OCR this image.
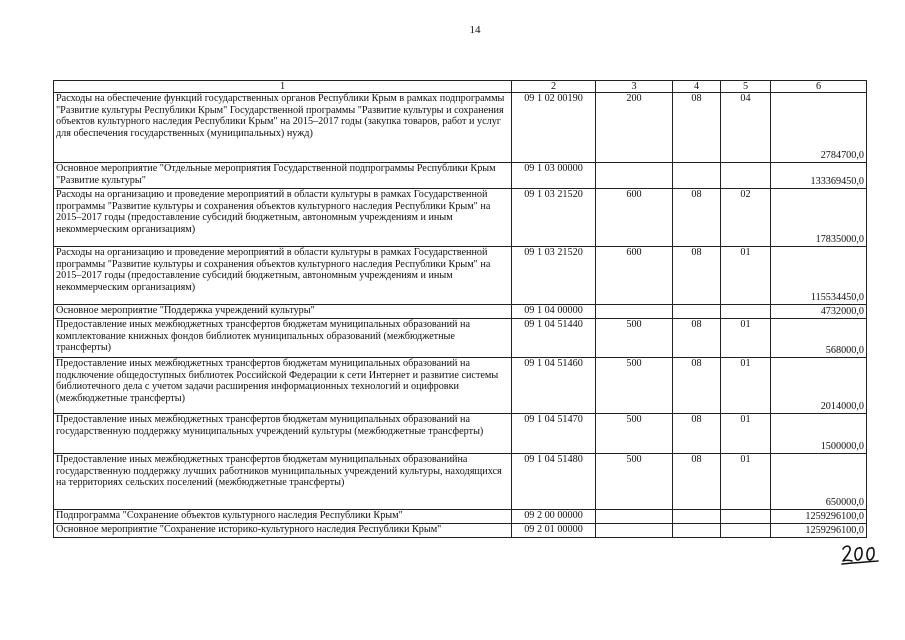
14
1	2	3	4	5	6
Расходы на обеспечение функций государственных органов Республики Крым в рамках подпрограммы "Развитие культуры Республики Крым" Государственной программы "Развитие культуры и сохранения объектов культурного наследия Республики Крым" на 2015–2017 годы (закупка товаров, работ и услуг для обеспечения государственных (муниципальных) нужд)	09 1 02 00190	200	08	04	2784700,0
Основное мероприятие "Отдельные мероприятия Государственной подпрограммы Республики Крым "Развитие культуры"	09 1 03 00000				133369450,0
Расходы на организацию и проведение мероприятий в области культуры в рамках Государственной программы "Развитие культуры и сохранения объектов культурного наследия Республики Крым" на 2015–2017 годы (предоставление субсидий бюджетным, автономным учреждениям и иным некоммерческим организациям)	09 1 03 21520	600	08	02	17835000,0
Расходы на организацию и проведение мероприятий в области культуры в рамках Государственной программы "Развитие культуры и сохранения объектов культурного наследия Республики Крым" на 2015–2017 годы (предоставление субсидий бюджетным, автономным учреждениям и иным некоммерческим организациям)	09 1 03 21520	600	08	01	115534450,0
Основное мероприятие "Поддержка учреждений культуры"	09 1 04 00000				4732000,0
Предоставление иных межбюджетных трансфертов бюджетам муниципальных образований на комплектование книжных фондов библиотек муниципальных образований (межбюджетные трансферты)	09 1 04 51440	500	08	01	568000,0
Предоставление иных межбюджетных трансфертов бюджетам муниципальных образований на подключение общедоступных библиотек Российской Федерации к сети Интернет и развитие системы библиотечного дела с учетом задачи расширения информационных технологий и оцифровки (межбюджетные трансферты)	09 1 04 51460	500	08	01	2014000,0
Предоставление иных межбюджетных трансфертов бюджетам муниципальных образований на государственную поддержку муниципальных учреждений культуры (межбюджетные трансферты)	09 1 04 51470	500	08	01	1500000,0
Предоставление иных межбюджетных трансфертов бюджетам муниципальных образованийна государственную поддержку лучших работников муниципальных учреждений культуры, находящихся на территориях сельских поселений (межбюджетные трансферты)	09 1 04 51480	500	08	01	650000,0
Подпрограмма "Сохранение объектов культурного наследия Республики Крым"	09 2 00 00000				1259296100,0
Основное мероприятие "Сохранение историко-культурного наследия Республики Крым"	09 2 01 00000				1259296100,0
